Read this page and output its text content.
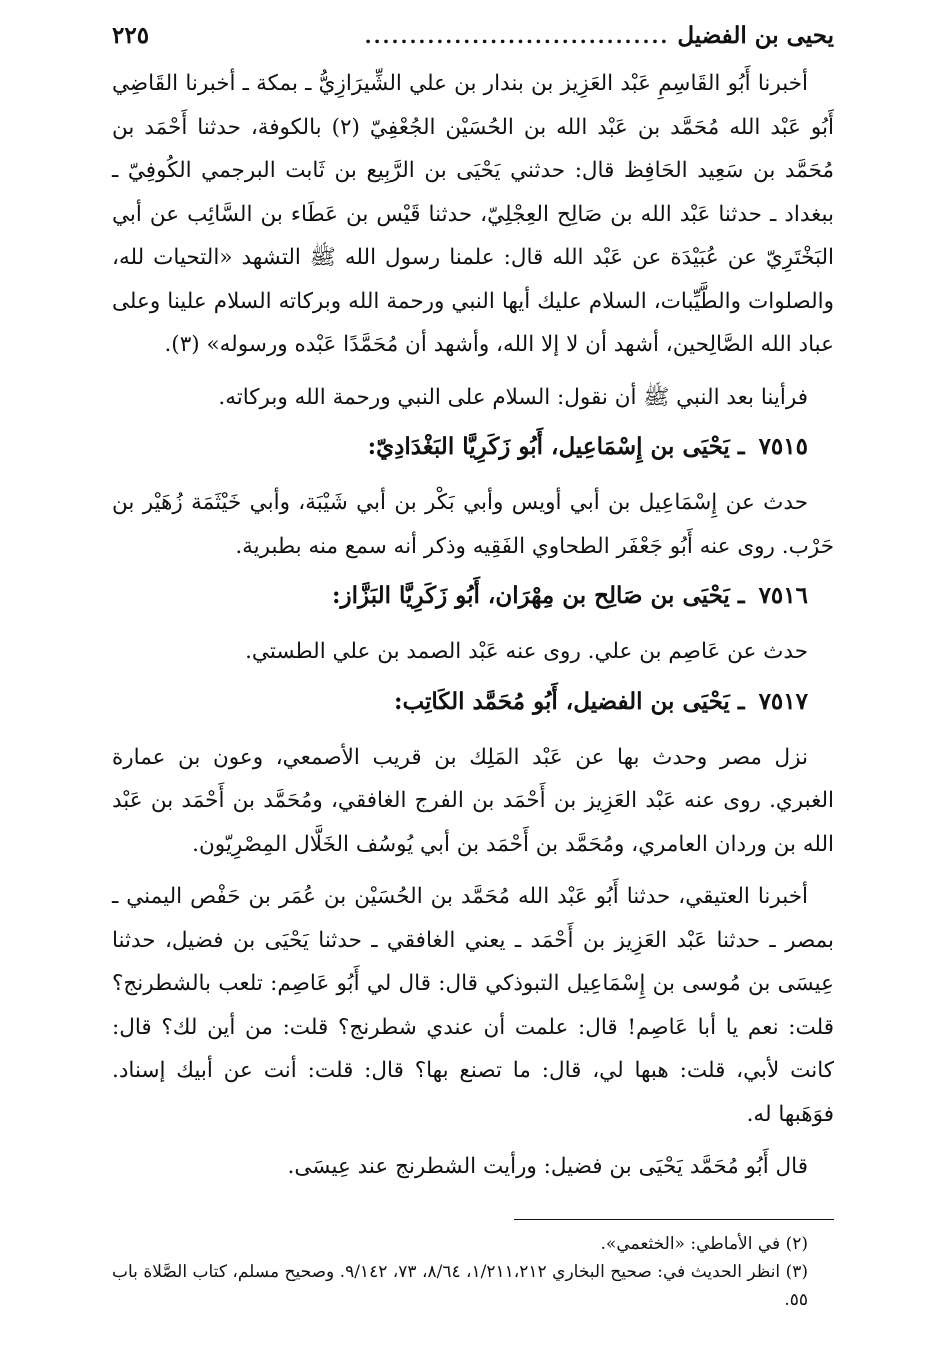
يحيى بن الفضيل
..................................
٢٢٥

أخبرنا أَبُو القَاسِمِ عَبْد العَزِيز بن بندار بن علي الشِّيرَازِيُّ ـ بمكة ـ أخبرنا القَاضِي أَبُو عَبْد الله مُحَمَّد بن عَبْد الله بن الحُسَيْن الجُعْفِيّ (٢) بالكوفة، حدثنا أَحْمَد بن مُحَمَّد بن سَعِيد الحَافِظ قال: حدثني يَحْيَى بن الرَّبِيع بن ثَابت البرجمي الكُوفِيّ ـ ببغداد ـ حدثنا عَبْد الله بن صَالِح العِجْلِيّ، حدثنا قَيْس بن عَطَاء بن السَّائِب عن أبي البَخْتَرِيّ عن عُبَيْدَة عن عَبْد الله قال: علمنا رسول الله ﷺ التشهد «التحيات لله، والصلوات والطَّيِّبات، السلام عليك أيها النبي ورحمة الله وبركاته السلام علينا وعلى عباد الله الصَّالِحين، أشهد أن لا إلا الله، وأشهد أن مُحَمَّدًا عَبْده ورسوله» (٣).

فرأينا بعد النبي ﷺ أن نقول: السلام على النبي ورحمة الله وبركاته.

٧٥١٥ ـ يَحْيَى بن إِسْمَاعِيل، أَبُو زَكَرِيَّا البَغْدَادِيّ:

حدث عن إِسْمَاعِيل بن أبي أويس وأبي بَكْر بن أبي شَيْبَة، وأبي خَيْثَمَة زُهَيْر بن حَرْب. روى عنه أَبُو جَعْفَر الطحاوي الفَقِيه وذكر أنه سمع منه بطبرية.

٧٥١٦ ـ يَحْيَى بن صَالِح بن مِهْرَان، أَبُو زَكَرِيَّا البَزَّاز:

حدث عن عَاصِم بن علي. روى عنه عَبْد الصمد بن علي الطستي.

٧٥١٧ ـ يَحْيَى بن الفضيل، أَبُو مُحَمَّد الكَاتِب:

نزل مصر وحدث بها عن عَبْد المَلِك بن قريب الأصمعي، وعون بن عمارة الغبري. روى عنه عَبْد العَزِيز بن أَحْمَد بن الفرج الغافقي، ومُحَمَّد بن أَحْمَد بن عَبْد الله بن وردان العامري، ومُحَمَّد بن أَحْمَد بن أبي يُوسُف الخَلَّال المِصْرِيّون.

أخبرنا العتيقي، حدثنا أَبُو عَبْد الله مُحَمَّد بن الحُسَيْن بن عُمَر بن حَفْص اليمني ـ بمصر ـ حدثنا عَبْد العَزِيز بن أَحْمَد ـ يعني الغافقي ـ حدثنا يَحْيَى بن فضيل، حدثنا عِيسَى بن مُوسى بن إِسْمَاعِيل التبوذكي قال: قال لي أَبُو عَاصِم: تلعب بالشطرنج؟ قلت: نعم يا أبا عَاصِم! قال: علمت أن عندي شطرنج؟ قلت: من أين لك؟ قال: كانت لأبي، قلت: هبها لي، قال: ما تصنع بها؟ قال: قلت: أنت عن أبيك إسناد. فوَهَبها له.

قال أَبُو مُحَمَّد يَحْيَى بن فضيل: ورأيت الشطرنج عند عِيسَى.

(٢) في الأماطي: «الخثعمي».

(٣) انظر الحديث في: صحيح البخاري ١/٢١١،٢١٢، ٨/٦٤، ٧٣، ٩/١٤٢. وصحيح مسلم، كتاب الصَّلاة باب ٥٥.
